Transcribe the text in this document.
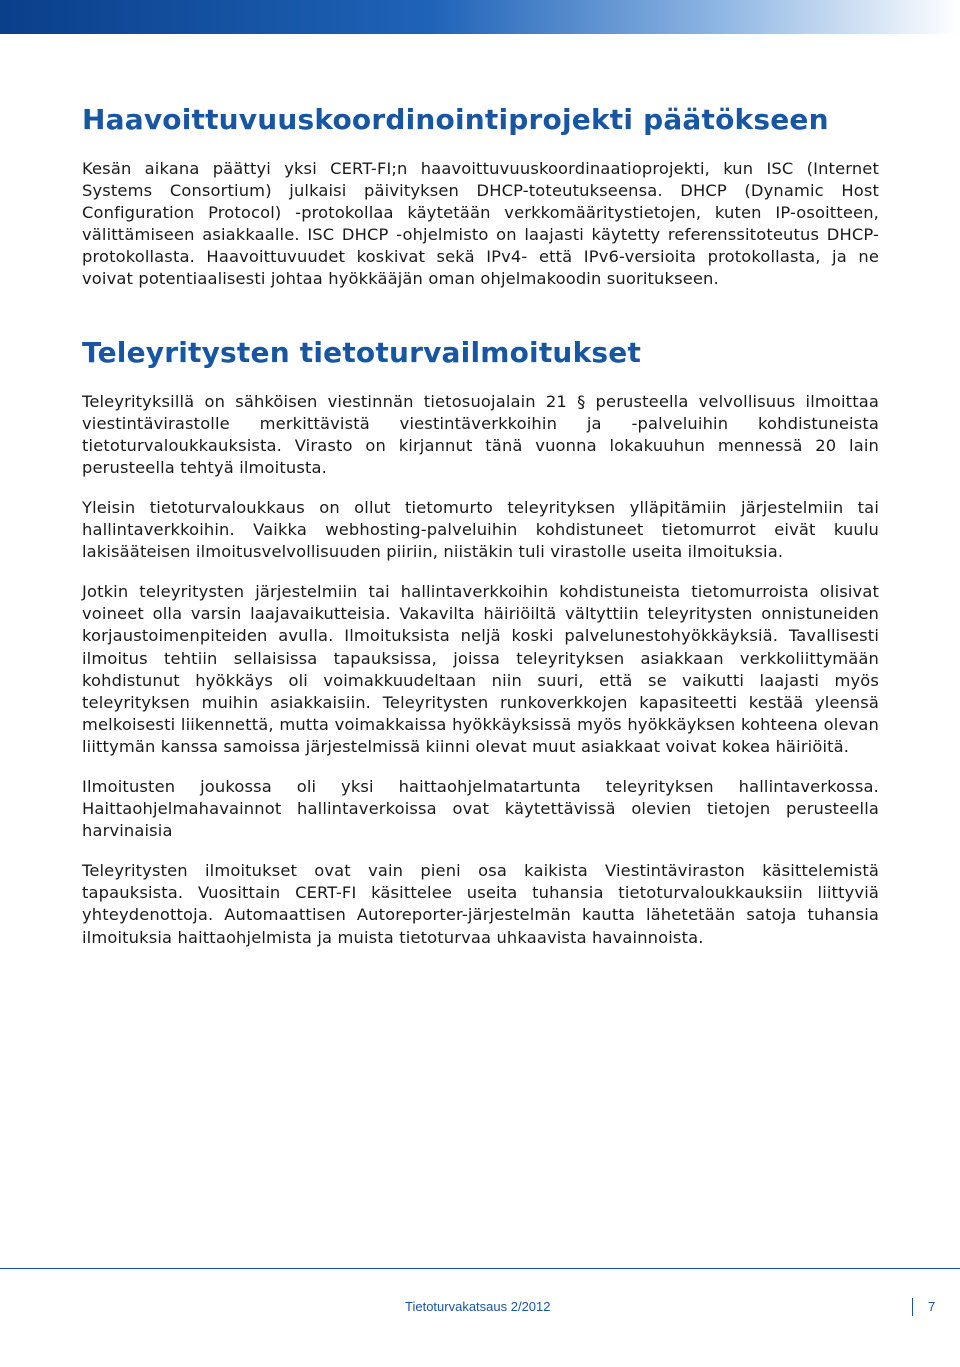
Haavoittuvuuskoordinointiprojekti päätökseen

Kesän aikana päättyi yksi CERT-FI;n haavoittuvuuskoordinaatioprojekti, kun ISC (Internet Systems Consortium) julkaisi päivityksen DHCP-toteutukseensa. DHCP (Dynamic Host Configuration Protocol) -protokollaa käytetään verkkomääritystietojen, kuten IP-osoitteen, välittämiseen asiakkaalle. ISC DHCP -ohjelmisto on laajasti käytetty referenssitoteutus DHCP-protokollasta. Haavoittuvuudet koskivat sekä IPv4- että IPv6-versioita protokollasta, ja ne voivat potentiaalisesti johtaa hyökkääjän oman ohjelmakoodin suoritukseen.

Teleyritysten tietoturvailmoitukset

Teleyrityksillä on sähköisen viestinnän tietosuojalain 21 § perusteella velvollisuus ilmoittaa viestintävirastolle merkittävistä viestintäverkkoihin ja -palveluihin kohdistuneista tietoturvaloukkauksista. Virasto on kirjannut tänä vuonna lokakuuhun mennessä 20 lain perusteella tehtyä ilmoitusta.

Yleisin tietoturvaloukkaus on ollut tietomurto teleyrityksen ylläpitämiin järjestelmiin tai hallintaverkkoihin. Vaikka webhosting-palveluihin kohdistuneet tietomurrot eivät kuulu lakisääteisen ilmoitusvelvollisuuden piiriin, niistäkin tuli virastolle useita ilmoituksia.

Jotkin teleyritysten järjestelmiin tai hallintaverkkoihin kohdistuneista tietomurroista olisivat voineet olla varsin laajavaikutteisia. Vakavilta häiriöiltä vältyttiin teleyritysten onnistuneiden korjaustoimenpiteiden avulla. Ilmoituksista neljä koski palvelunestohyökkäyksiä. Tavallisesti ilmoitus tehtiin sellaisissa tapauksissa, joissa teleyrityksen asiakkaan verkkoliittymään kohdistunut hyökkäys oli voimakkuudeltaan niin suuri, että se vaikutti laajasti myös teleyrityksen muihin asiakkaisiin. Teleyritysten runkoverkkojen kapasiteetti kestää yleensä melkoisesti liikennettä, mutta voimakkaissa hyökkäyksissä myös hyökkäyksen kohteena olevan liittymän kanssa samoissa järjestelmissä kiinni olevat muut asiakkaat voivat kokea häiriöitä.

Ilmoitusten joukossa oli yksi haittaohjelmatartunta teleyrityksen hallintaverkossa. Haittaohjelmahavainnot hallintaverkoissa ovat käytettävissä olevien tietojen perusteella harvinaisia

Teleyritysten ilmoitukset ovat vain pieni osa kaikista Viestintäviraston käsittelemistä tapauksista. Vuosittain CERT-FI käsittelee useita tuhansia tietoturvaloukkauksiin liittyviä yhteydenottoja. Automaattisen Autoreporter-järjestelmän kautta lähetetään satoja tuhansia ilmoituksia haittaohjelmista ja muista tietoturvaa uhkaavista havainnoista.

Tietoturvakatsaus 2/2012	7
